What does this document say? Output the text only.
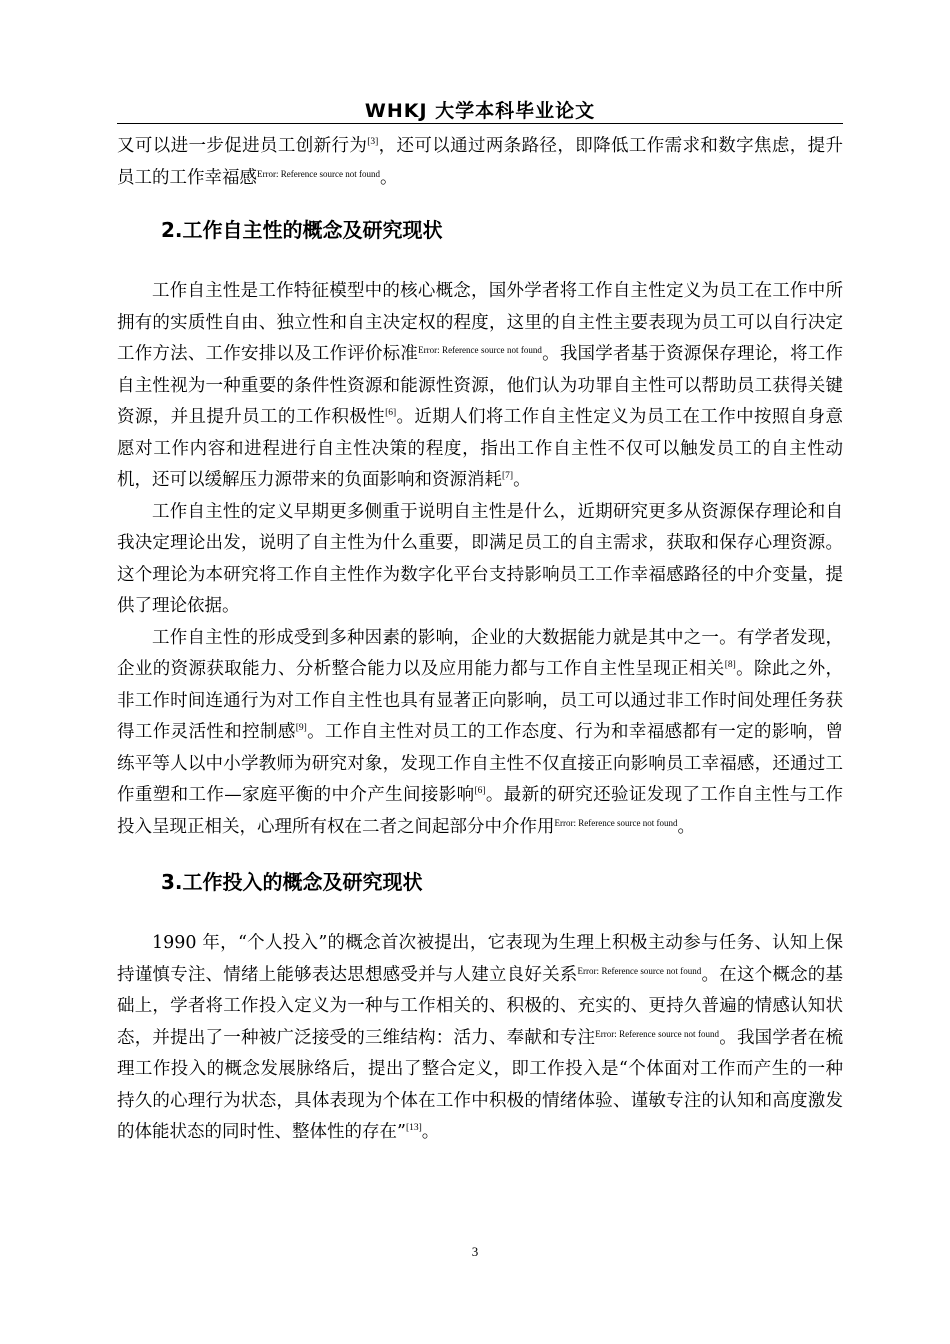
WHKJ 大学本科毕业论文

又可以进一步促进员工创新行为[3]，还可以通过两条路径，即降低工作需求和数字焦虑，提升员工的工作幸福感$^{Error: Reference source not found}$。

2.工作自主性的概念及研究现状

工作自主性是工作特征模型中的核心概念，国外学者将工作自主性定义为员工在工作中所拥有的实质性自由、独立性和自主决定权的程度，这里的自主性主要表现为员工可以自行决定工作方法、工作安排以及工作评价标准$^{Error: Reference source not found}$。我国学者基于资源保存理论，将工作自主性视为一种重要的条件性资源和能源性资源，他们认为功罪自主性可以帮助员工获得关键资源，并且提升员工的工作积极性[6]。近期人们将工作自主性定义为员工在工作中按照自身意愿对工作内容和进程进行自主性决策的程度，指出工作自主性不仅可以触发员工的自主性动机，还可以缓解压力源带来的负面影响和资源消耗[7]。

工作自主性的定义早期更多侧重于说明自主性是什么，近期研究更多从资源保存理论和自我决定理论出发，说明了自主性为什么重要，即满足员工的自主需求，获取和保存心理资源。这个理论为本研究将工作自主性作为数字化平台支持影响员工工作幸福感路径的中介变量，提供了理论依据。

工作自主性的形成受到多种因素的影响，企业的大数据能力就是其中之一。有学者发现，企业的资源获取能力、分析整合能力以及应用能力都与工作自主性呈现正相关[8]。除此之外，非工作时间连通行为对工作自主性也具有显著正向影响，员工可以通过非工作时间处理任务获得工作灵活性和控制感[9]。工作自主性对员工的工作态度、行为和幸福感都有一定的影响，曾练平等人以中小学教师为研究对象，发现工作自主性不仅直接正向影响员工幸福感，还通过工作重塑和工作—家庭平衡的中介产生间接影响[6]。最新的研究还验证发现了工作自主性与工作投入呈现正相关，心理所有权在二者之间起部分中介作用$^{Error: Reference source not found}$。

3.工作投入的概念及研究现状

1990 年，“个人投入”的概念首次被提出，它表现为生理上积极主动参与任务、认知上保持谨慎专注、情绪上能够表达思想感受并与人建立良好关系$^{Error: Reference source not found}$。在这个概念的基础上，学者将工作投入定义为一种与工作相关的、积极的、充实的、更持久普遍的情感认知状态，并提出了一种被广泛接受的三维结构：活力、奉献和专注$^{Error: Reference source not found}$。我国学者在梳理工作投入的概念发展脉络后，提出了整合定义，即工作投入是“个体面对工作而产生的一种持久的心理行为状态，具体表现为个体在工作中积极的情绪体验、谨敏专注的认知和高度激发的体能状态的同时性、整体性的存在”[13]。

3
